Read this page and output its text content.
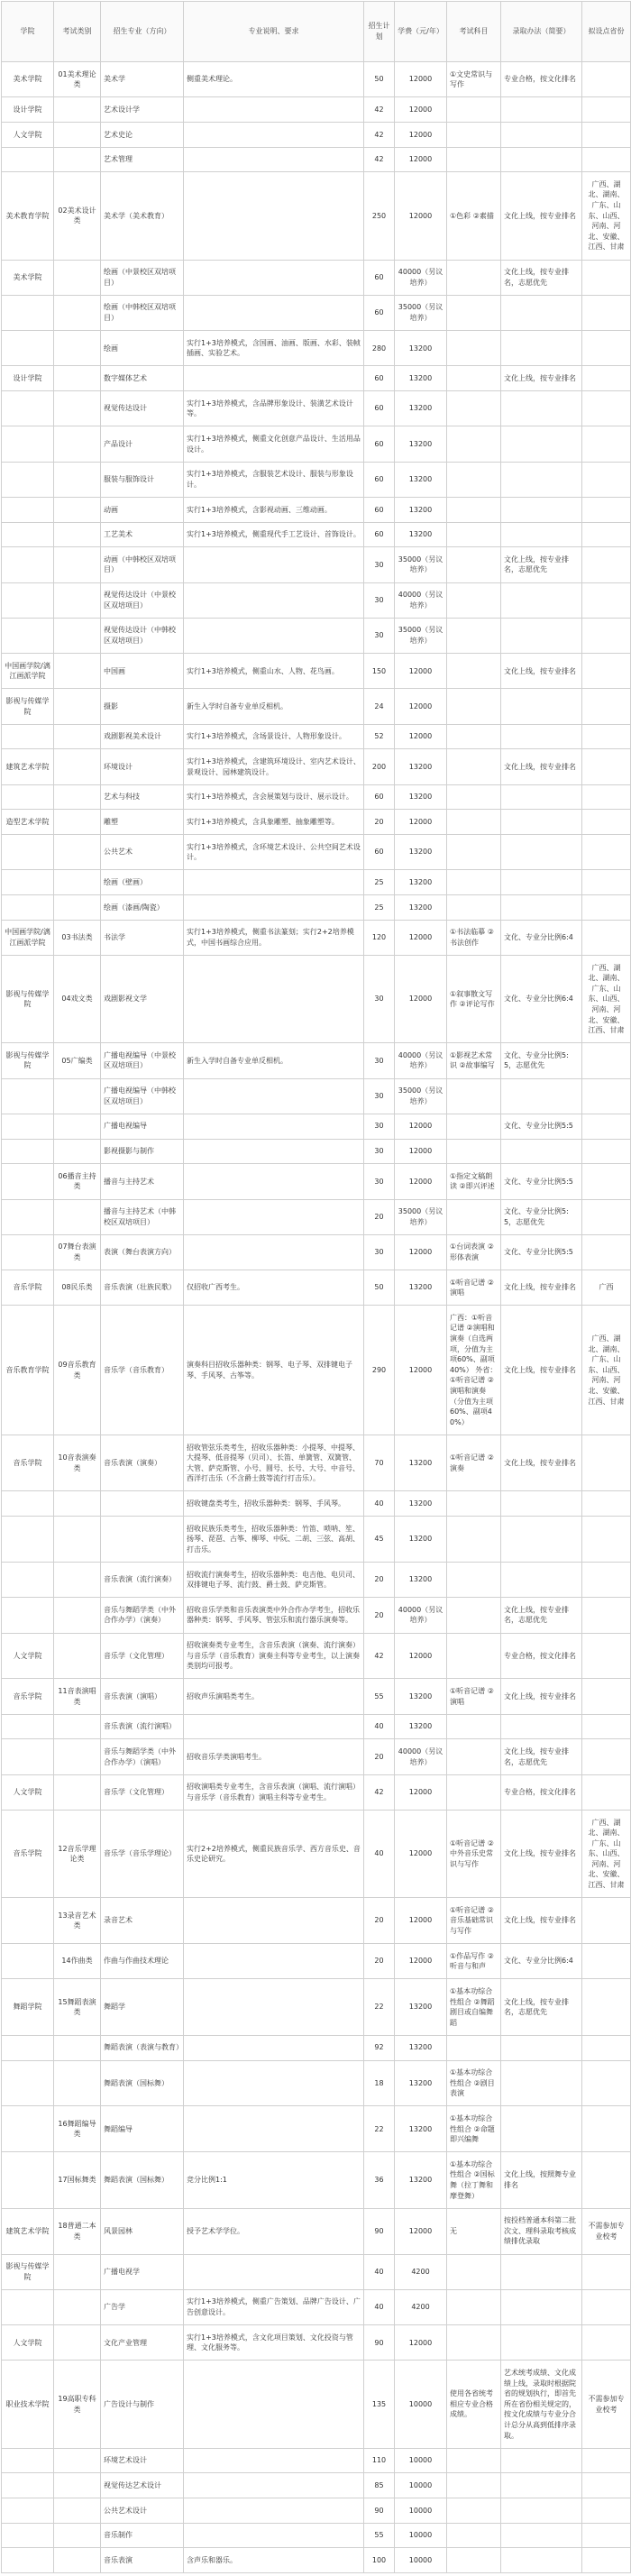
学院	考试类别	招生专业（方向）	专业说明、要求	招生计划	学费（元/年）	考试科目	录取办法（简要）	拟设点省份
美术学院	01美术理论类	美术学	侧重美术理论。	50	12000	①文史常识与写作	专业合格，按文化排名	
设计学院		艺术设计学		42	12000			
人文学院		艺术史论		42	12000			
		艺术管理		42	12000			
美术教育学院	02美术设计类	美术学（美术教育）		250	12000	①色彩 ②素描	文化上线，按专业排名	广西、湖北、湖南、广东、山东、山西、河南、河北、安徽、江西、甘肃
美术学院		绘画（中景校区双培项目）		60	40000（另议培养）		文化上线，按专业排名，志愿优先	
		绘画（中韩校区双培项目）		60	35000（另议培养）			
		绘画	实行1+3培养模式，含国画、油画、版画、水彩、装帧插画、实验艺术。	280	13200			
设计学院		数字媒体艺术		60	13200		文化上线，按专业排名	
		视觉传达设计	实行1+3培养模式，含品牌形象设计、装潢艺术设计等。	60	13200			
		产品设计	实行1+3培养模式，侧重文化创意产品设计、生活用品设计。	60	13200			
		服装与服饰设计	实行1+3培养模式，含服装艺术设计、服装与形象设计。	60	13200			
		动画	实行1+3培养模式，含影视动画、三维动画。	60	13200			
		工艺美术	实行1+3培养模式，侧重现代手工艺设计、首饰设计。	60	13200			
		动画（中韩校区双培项目）		30	35000（另议培养）		文化上线，按专业排名，志愿优先	
		视觉传达设计（中景校区双培项目）		30	40000（另议培养）			
		视觉传达设计（中韩校区双培项目）		30	35000（另议培养）			
中国画学院/漓江画派学院		中国画	实行1+3培养模式，侧重山水、人物、花鸟画。	150	12000		文化上线，按专业排名	
影视与传媒学院		摄影	新生入学时自备专业单反相机。	24	12000			
		戏剧影视美术设计	实行1+3培养模式，含场景设计、人物形象设计。	52	12000			
建筑艺术学院		环境设计	实行1+3培养模式，含建筑环境设计、室内艺术设计、景观设计、园林建筑设计。	200	13200		文化上线，按专业排名	
		艺术与科技	实行1+3培养模式，含会展策划与设计、展示设计。	60	13200			
造型艺术学院		雕塑	实行1+3培养模式，含具象雕塑、抽象雕塑等。	20	12000			
		公共艺术	实行1+3培养模式，含环境艺术设计、公共空间艺术设计。	60	13200			
		绘画（壁画）		25	13200			
		绘画（漆画/陶瓷）		25	13200			
中国画学院/漓江画派学院	03书法类	书法学	实行1+3培养模式，侧重书法篆刻；实行2+2培养模式，中国书画综合应用。	120	12000	①书法临摹 ②书法创作	文化、专业分比例6:4	
影视与传媒学院	04戏文类	戏剧影视文学		30	12000	①叙事散文写作 ②评论写作	文化、专业分比例6:4	广西、湖北、湖南、广东、山东、山西、河南、河北、安徽、江西、甘肃
影视与传媒学院	05广编类	广播电视编导（中景校区双培项目）	新生入学时自备专业单反相机。	30	40000（另议培养）	①影视艺术常识 ②故事编写	文化、专业分比例5:5，志愿优先	
		广播电视编导（中韩校区双培项目）		30	35000（另议培养）			
		广播电视编导		30	12000		文化、专业分比例5:5	
		影视摄影与制作		30	12000			
	06播音主持类	播音与主持艺术		30	12000	①指定文稿朗读 ②即兴评述	文化、专业分比例5:5	
		播音与主持艺术（中韩校区双培项目）		20	35000（另议培养）		文化、专业分比例5:5，志愿优先	
	07舞台表演类	表演（舞台表演方向）		30	12000	①台词表演 ②形体表演	文化、专业分比例5:5	
音乐学院	08民乐类	音乐表演（壮族民歌）	仅招收广西考生。	50	13200	①听音记谱 ②演唱	文化上线，按专业排名	广西
音乐教育学院	09音乐教育类	音乐学（音乐教育）	演奏科目招收乐器种类：钢琴、电子琴、双排键电子琴、手风琴、古筝等。	290	12000	广西：①听音记谱 ②演唱和演奏（自选两项，分值为主项60%、副项40%） 外省：①听音记谱 ②演唱和演奏（分值为主项60%、副项40%）	文化上线，按专业排名	广西、湖北、湖南、广东、山东、山西、河南、河北、安徽、江西、甘肃
音乐学院	10音表演奏类	音乐表演（演奏）	招收管弦乐类考生，招收乐器种类：小提琴、中提琴、大提琴、低音提琴（贝司）、长笛、单簧管、双簧管、大管、萨克斯管、小号、圆号、长号、大号、中音号、西洋打击乐（不含爵士鼓等流行打击乐）。	70	13200	①听音记谱 ②演奏	文化上线，按专业排名	
			招收键盘类考生，招收乐器种类：钢琴、手风琴。	40	13200			
			招收民族乐类考生，招收乐器种类：竹笛、唢呐、笙、扬琴、琵琶、古筝、柳琴、中阮、二胡、三弦、高胡、打击乐。	45	13200			
		音乐表演（流行演奏）	招收流行演奏考生，招收乐器种类：电吉他、电贝司、双排键电子琴、流行鼓、爵士鼓、萨克斯管。	20	13200			
		音乐与舞蹈学类（中外合作办学）（演奏）	招收音乐学类和音乐表演类中外合作办学考生，招收乐器种类：钢琴、手风琴、管弦乐和流行器乐演奏等。	20	40000（另议培养）		文化上线，按专业排名，志愿优先	
人文学院		音乐学（文化管理）	招收演奏类专业考生，含音乐表演（演奏、流行演奏）与音乐学（音乐教育）演奏主科等专业考生，以上演奏类别均可报考。	42	12000		专业合格，按文化排名	
音乐学院	11音表演唱类	音乐表演（演唱）	招收声乐演唱类考生。	55	13200	①听音记谱 ②演唱	文化上线，按专业排名	
		音乐表演（流行演唱）		40	13200			
		音乐与舞蹈学类（中外合作办学）（演唱）	招收音乐学类演唱考生。	20	40000（另议培养）		文化上线，按专业排名，志愿优先	
人文学院		音乐学（文化管理）	招收演唱类专业考生，含音乐表演（演唱、流行演唱）与音乐学（音乐教育）演唱主科等专业考生。	42	12000		专业合格，按文化排名	
音乐学院	12音乐学理论类	音乐学（音乐学理论）	实行2+2培养模式，侧重民族音乐学、西方音乐史、音乐史论研究。	40	12000	①听音记谱 ②中外音乐史常识与写作	文化上线，按专业排名	广西、湖北、湖南、广东、山东、山西、河南、河北、安徽、江西、甘肃
	13录音艺术类	录音艺术		20	12000	①听音记谱 ②音乐基础常识与写作	文化上线，按专业排名	
	14作曲类	作曲与作曲技术理论		20	12000	①作品写作 ②听音与和声	文化、专业分比例6:4	
舞蹈学院	15舞蹈表演类	舞蹈学		22	13200	①基本功综合性组合 ②舞蹈剧目或自编舞蹈	文化上线，按专业排名，志愿优先	
		舞蹈表演（表演与教育）		92	13200			
		舞蹈表演（国标舞）		18	13200	①基本功综合性组合 ②剧目表演		
	16舞蹈编导类	舞蹈编导		22	13200	①基本功综合性组合 ②命题即兴编舞		
	17国标舞类	舞蹈表演（国标舞）	竞分比例1:1	36	13200	①基本功综合性组合 ②国标舞（拉丁舞和摩登舞）	文化上线，按照舞专业排名	
建筑艺术学院	18普通二本类	风景园林	授予艺术学学位。	90	12000	无	按投档普通本科第二批次文、理科录取考核成绩排优录取	不需参加专业校考
影视与传媒学院		广播电视学		40	4200			
		广告学	实行1+3培养模式，侧重广告策划、品牌广告设计、广告创意设计。	40	4200			
人文学院		文化产业管理	实行1+3培养模式，含文化项目策划、文化投资与管理、文化服务等。	90	12000			
职业技术学院	19高职专科类	广告设计与制作		135	10000	使用各省统考相应专业合格成绩。	艺术统考成绩、文化成绩上线，录取时根据院省的规划执行，即首先所在省份相关规定的，按文化成绩与专业分合计总分从高到低排序录取。	不需参加专业校考
		环境艺术设计		110	10000			
		视觉传达艺术设计		85	10000			
		公共艺术设计		90	10000			
		音乐制作		55	10000			
		音乐表演	含声乐和器乐。	100	10000			
